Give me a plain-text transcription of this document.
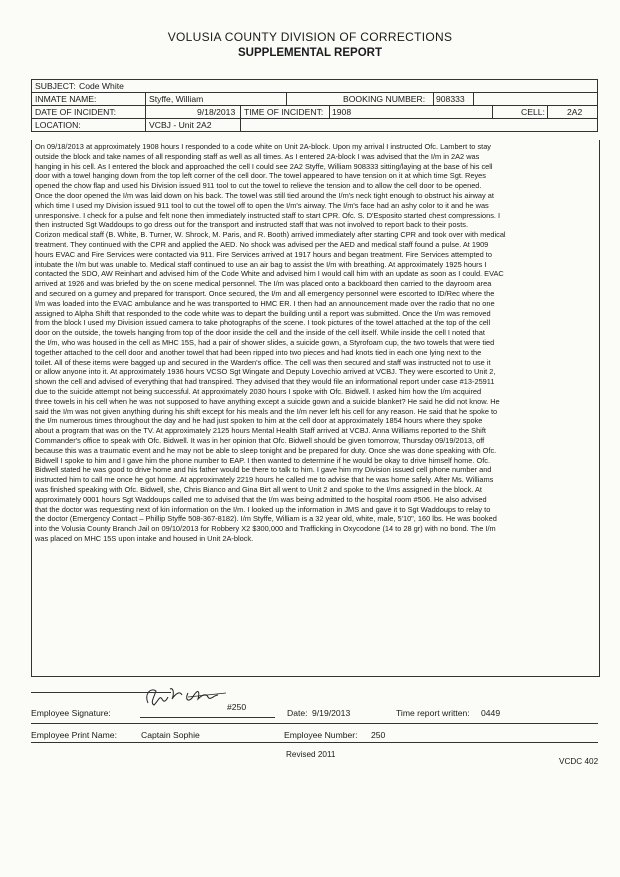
VOLUSIA COUNTY DIVISION OF CORRECTIONS
SUPPLEMENTAL REPORT
SUBJECT: Code White
INMATE NAME:	Styffe, William	BOOKING NUMBER: 908333
DATE OF INCIDENT:	9/18/2013 TIME OF INCIDENT: 1908	CELL:	2A2
LOCATION:	VCBJ - Unit 2A2
On 09/18/2013 at approximately 1908 hours I responded to a code white on Unit 2A-block. Upon my arrival I instructed Ofc. Lambert to stay
outside the block and take names of all responding staff as well as all times. As I entered 2A-block I was advised that the I/m in 2A2 was
hanging in his cell. As I entered the block and approached the cell I could see 2A2 Styffe, William 908333 sitting/laying at the base of his cell
door with a towel hanging down from the top left corner of the cell door. The towel appeared to have tension on it at which time Sgt. Reyes
opened the chow flap and used his Division issued 911 tool to cut the towel to relieve the tension and to allow the cell door to be opened.
Once the door opened the I/m was laid down on his back. The towel was still tied around the I/m's neck tight enough to obstruct his airway at
which time I used my Division issued 911 tool to cut the towel off to open the I/m's airway. The I/m's face had an ashy color to it and he was
unresponsive. I check for a pulse and felt none then immediately instructed staff to start CPR. Ofc. S. D'Esposito started chest compressions. I
then instructed Sgt Waddoups to go dress out for the transport and instructed staff that was not involved to report back to their posts.
Corizon medical staff (B. White, B. Turner, W. Shrock, M. Paris, and R. Booth) arrived immediately after starting CPR and took over with medical
treatment. They continued with the CPR and applied the AED. No shock was advised per the AED and medical staff found a pulse. At 1909
hours EVAC and Fire Services were contacted via 911. Fire Services arrived at 1917 hours and began treatment. Fire Services attempted to
intubate the I/m but was unable to. Medical staff continued to use an air bag to assist the I/m with breathing. At approximately 1925 hours I
contacted the SDO, AW Reinhart and advised him of the Code White and advised him I would call him with an update as soon as I could. EVAC
arrived at 1926 and was briefed by the on scene medical personnel. The I/m was placed onto a backboard then carried to the dayroom area
and secured on a gurney and prepared for transport. Once secured, the I/m and all emergency personnel were escorted to ID/Rec where the
I/m was loaded into the EVAC ambulance and he was transported to HMC ER. I then had an announcement made over the radio that no one
assigned to Alpha Shift that responded to the code white was to depart the building until a report was submitted. Once the I/m was removed
from the block I used my Division issued camera to take photographs of the scene. I took pictures of the towel attached at the top of the cell
door on the outside, the towels hanging from top of the door inside the cell and the inside of the cell itself. While inside the cell I noted that
the I/m, who was housed in the cell as MHC 15S, had a pair of shower slides, a suicide gown, a Styrofoam cup, the two towels that were tied
together attached to the cell door and another towel that had been ripped into two pieces and had knots tied in each one lying next to the
toilet. All of these items were bagged up and secured in the Warden's office. The cell was then secured and staff was instructed not to use it
or allow anyone into it. At approximately 1936 hours VCSO Sgt Wingate and Deputy Lovechio arrived at VCBJ. They were escorted to Unit 2,
shown the cell and advised of everything that had transpired. They advised that they would file an informational report under case #13-25911
due to the suicide attempt not being successful. At approximately 2030 hours I spoke with Ofc. Bidwell. I asked him how the I/m acquired
three towels in his cell when he was not supposed to have anything except a suicide gown and a suicide blanket? He said he did not know. He
said the I/m was not given anything during his shift except for his meals and the I/m never left his cell for any reason. He said that he spoke to
the I/m numerous times throughout the day and he had just spoken to him at the cell door at approximately 1854 hours where they spoke
about a program that was on the TV. At approximately 2125 hours Mental Health Staff arrived at VCBJ. Anna Williams reported to the Shift
Commander's office to speak with Ofc. Bidwell. It was in her opinion that Ofc. Bidwell should be given tomorrow, Thursday 09/19/2013, off
because this was a traumatic event and he may not be able to sleep tonight and be prepared for duty. Once she was done speaking with Ofc.
Bidwell I spoke to him and I gave him the phone number to EAP. I then wanted to determine if he would be okay to drive himself home. Ofc.
Bidwell stated he was good to drive home and his father would be there to talk to him. I gave him my Division issued cell phone number and
instructed him to call me once he got home. At approximately 2219 hours he called me to advise that he was home safely. After Ms. Williams
was finished speaking with Ofc. Bidwell, she, Chris Bianco and Gina Birt all went to Unit 2 and spoke to the I/ms assigned in the block. At
approximately 0001 hours Sgt Waddoups called me to advised that the I/m was being admitted to the hospital room #506. He also advised
that the doctor was requesting next of kin information on the I/m. I looked up the information in JMS and gave it to Sgt Waddoups to relay to
the doctor (Emergency Contact – Phillip Styffe 508-367-8182). I/m Styffe, William is a 32 year old, white, male, 5'10", 160 lbs. He was booked
into the Volusia County Branch Jail on 09/10/2013 for Robbery X2 $300,000 and Trafficking in Oxycodone (14 to 28 gr) with no bond. The I/m
was placed on MHC 15S upon intake and housed in Unit 2A-block.
#250
Employee Signature:	Date: 9/19/2013	Time report written: 0449
Employee Print Name:	Captain Sophie	Employee Number: 250
Revised 2011
VCDC 402
